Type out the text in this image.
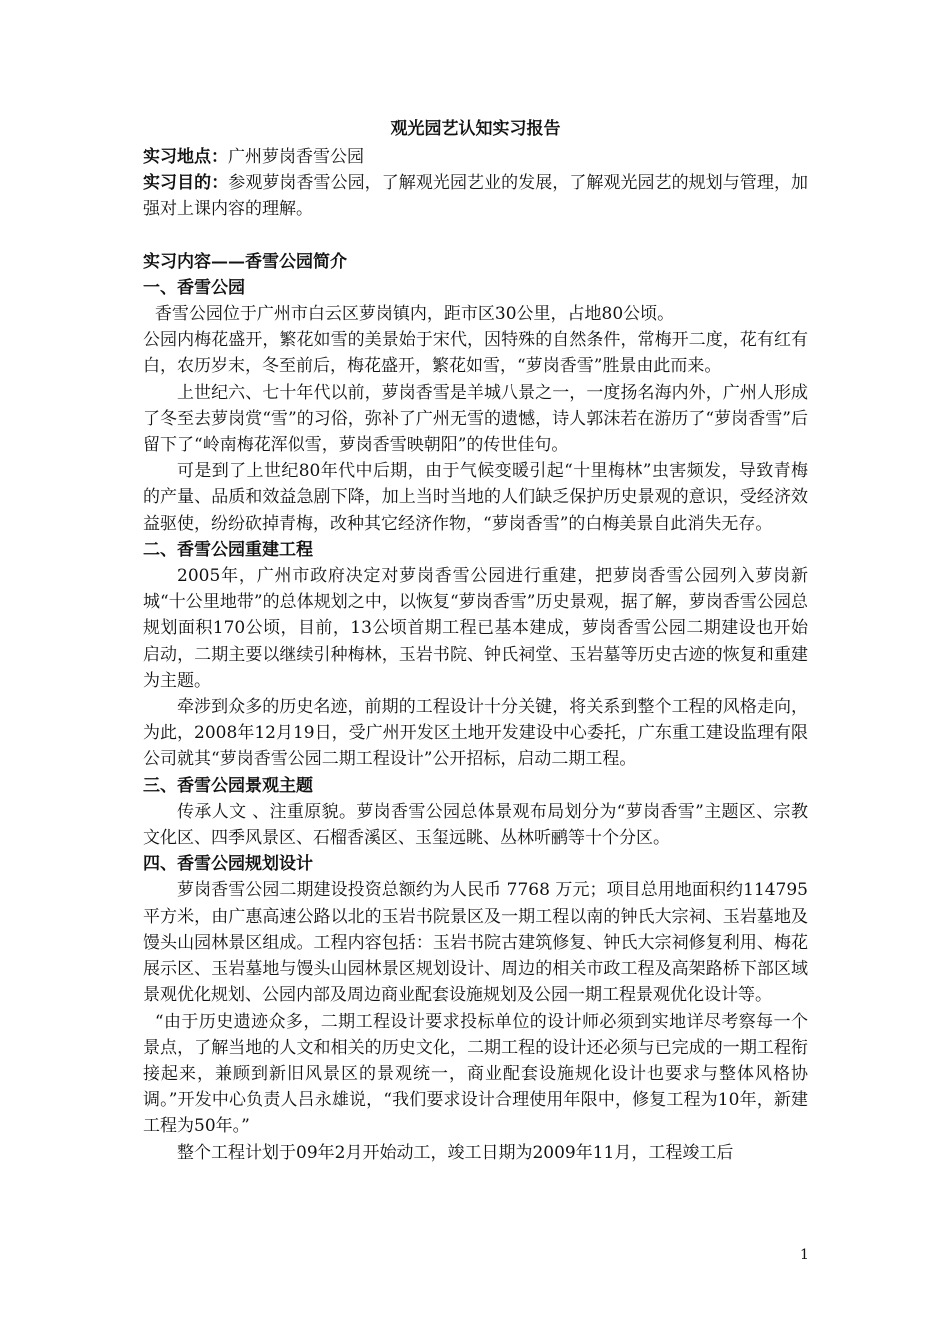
观光园艺认知实习报告

实习地点：广州萝岗香雪公园

实习目的：参观萝岗香雪公园，了解观光园艺业的发展，了解观光园艺的规划与管理，加强对上课内容的理解。

实习内容——香雪公园简介

一、香雪公园

香雪公园位于广州市白云区萝岗镇内，距市区30公里，占地80公顷。

公园内梅花盛开，繁花如雪的美景始于宋代，因特殊的自然条件，常梅开二度，花有红有白，农历岁末，冬至前后，梅花盛开，繁花如雪，“萝岗香雪”胜景由此而来。

上世纪六、七十年代以前，萝岗香雪是羊城八景之一，一度扬名海内外，广州人形成了冬至去萝岗赏“雪”的习俗，弥补了广州无雪的遗憾，诗人郭沫若在游历了“萝岗香雪”后留下了“岭南梅花浑似雪，萝岗香雪映朝阳”的传世佳句。

可是到了上世纪80年代中后期，由于气候变暖引起“十里梅林”虫害频发，导致青梅的产量、品质和效益急剧下降，加上当时当地的人们缺乏保护历史景观的意识，受经济效益驱使，纷纷砍掉青梅，改种其它经济作物，“萝岗香雪”的白梅美景自此消失无存。

二、香雪公园重建工程

2005年，广州市政府决定对萝岗香雪公园进行重建，把萝岗香雪公园列入萝岗新城“十公里地带”的总体规划之中，以恢复“萝岗香雪”历史景观，据了解，萝岗香雪公园总规划面积170公顷，目前，13公顷首期工程已基本建成，萝岗香雪公园二期建设也开始启动，二期主要以继续引种梅林，玉岩书院、钟氏祠堂、玉岩墓等历史古迹的恢复和重建为主题。

牵涉到众多的历史名迹，前期的工程设计十分关键，将关系到整个工程的风格走向，为此，2008年12月19日，受广州开发区土地开发建设中心委托，广东重工建设监理有限公司就其“萝岗香雪公园二期工程设计”公开招标，启动二期工程。

三、香雪公园景观主题

传承人文 、注重原貌。萝岗香雪公园总体景观布局划分为“萝岗香雪”主题区、宗教文化区、四季风景区、石榴香溪区、玉玺远眺、丛林听鹂等十个分区。

四、香雪公园规划设计

萝岗香雪公园二期建设投资总额约为人民币 7768 万元；项目总用地面积约114795平方米，由广惠高速公路以北的玉岩书院景区及一期工程以南的钟氏大宗祠、玉岩墓地及馒头山园林景区组成。工程内容包括：玉岩书院古建筑修复、钟氏大宗祠修复利用、梅花展示区、玉岩墓地与馒头山园林景区规划设计、周边的相关市政工程及高架路桥下部区域景观优化规划、公园内部及周边商业配套设施规划及公园一期工程景观优化设计等。

“由于历史遗迹众多，二期工程设计要求投标单位的设计师必须到实地详尽考察每一个景点，了解当地的人文和相关的历史文化，二期工程的设计还必须与已完成的一期工程衔接起来，兼顾到新旧风景区的景观统一，商业配套设施规化设计也要求与整体风格协调。”开发中心负责人吕永雄说，“我们要求设计合理使用年限中，修复工程为10年，新建工程为50年。”

整个工程计划于09年2月开始动工，竣工日期为2009年11月，工程竣工后

1
